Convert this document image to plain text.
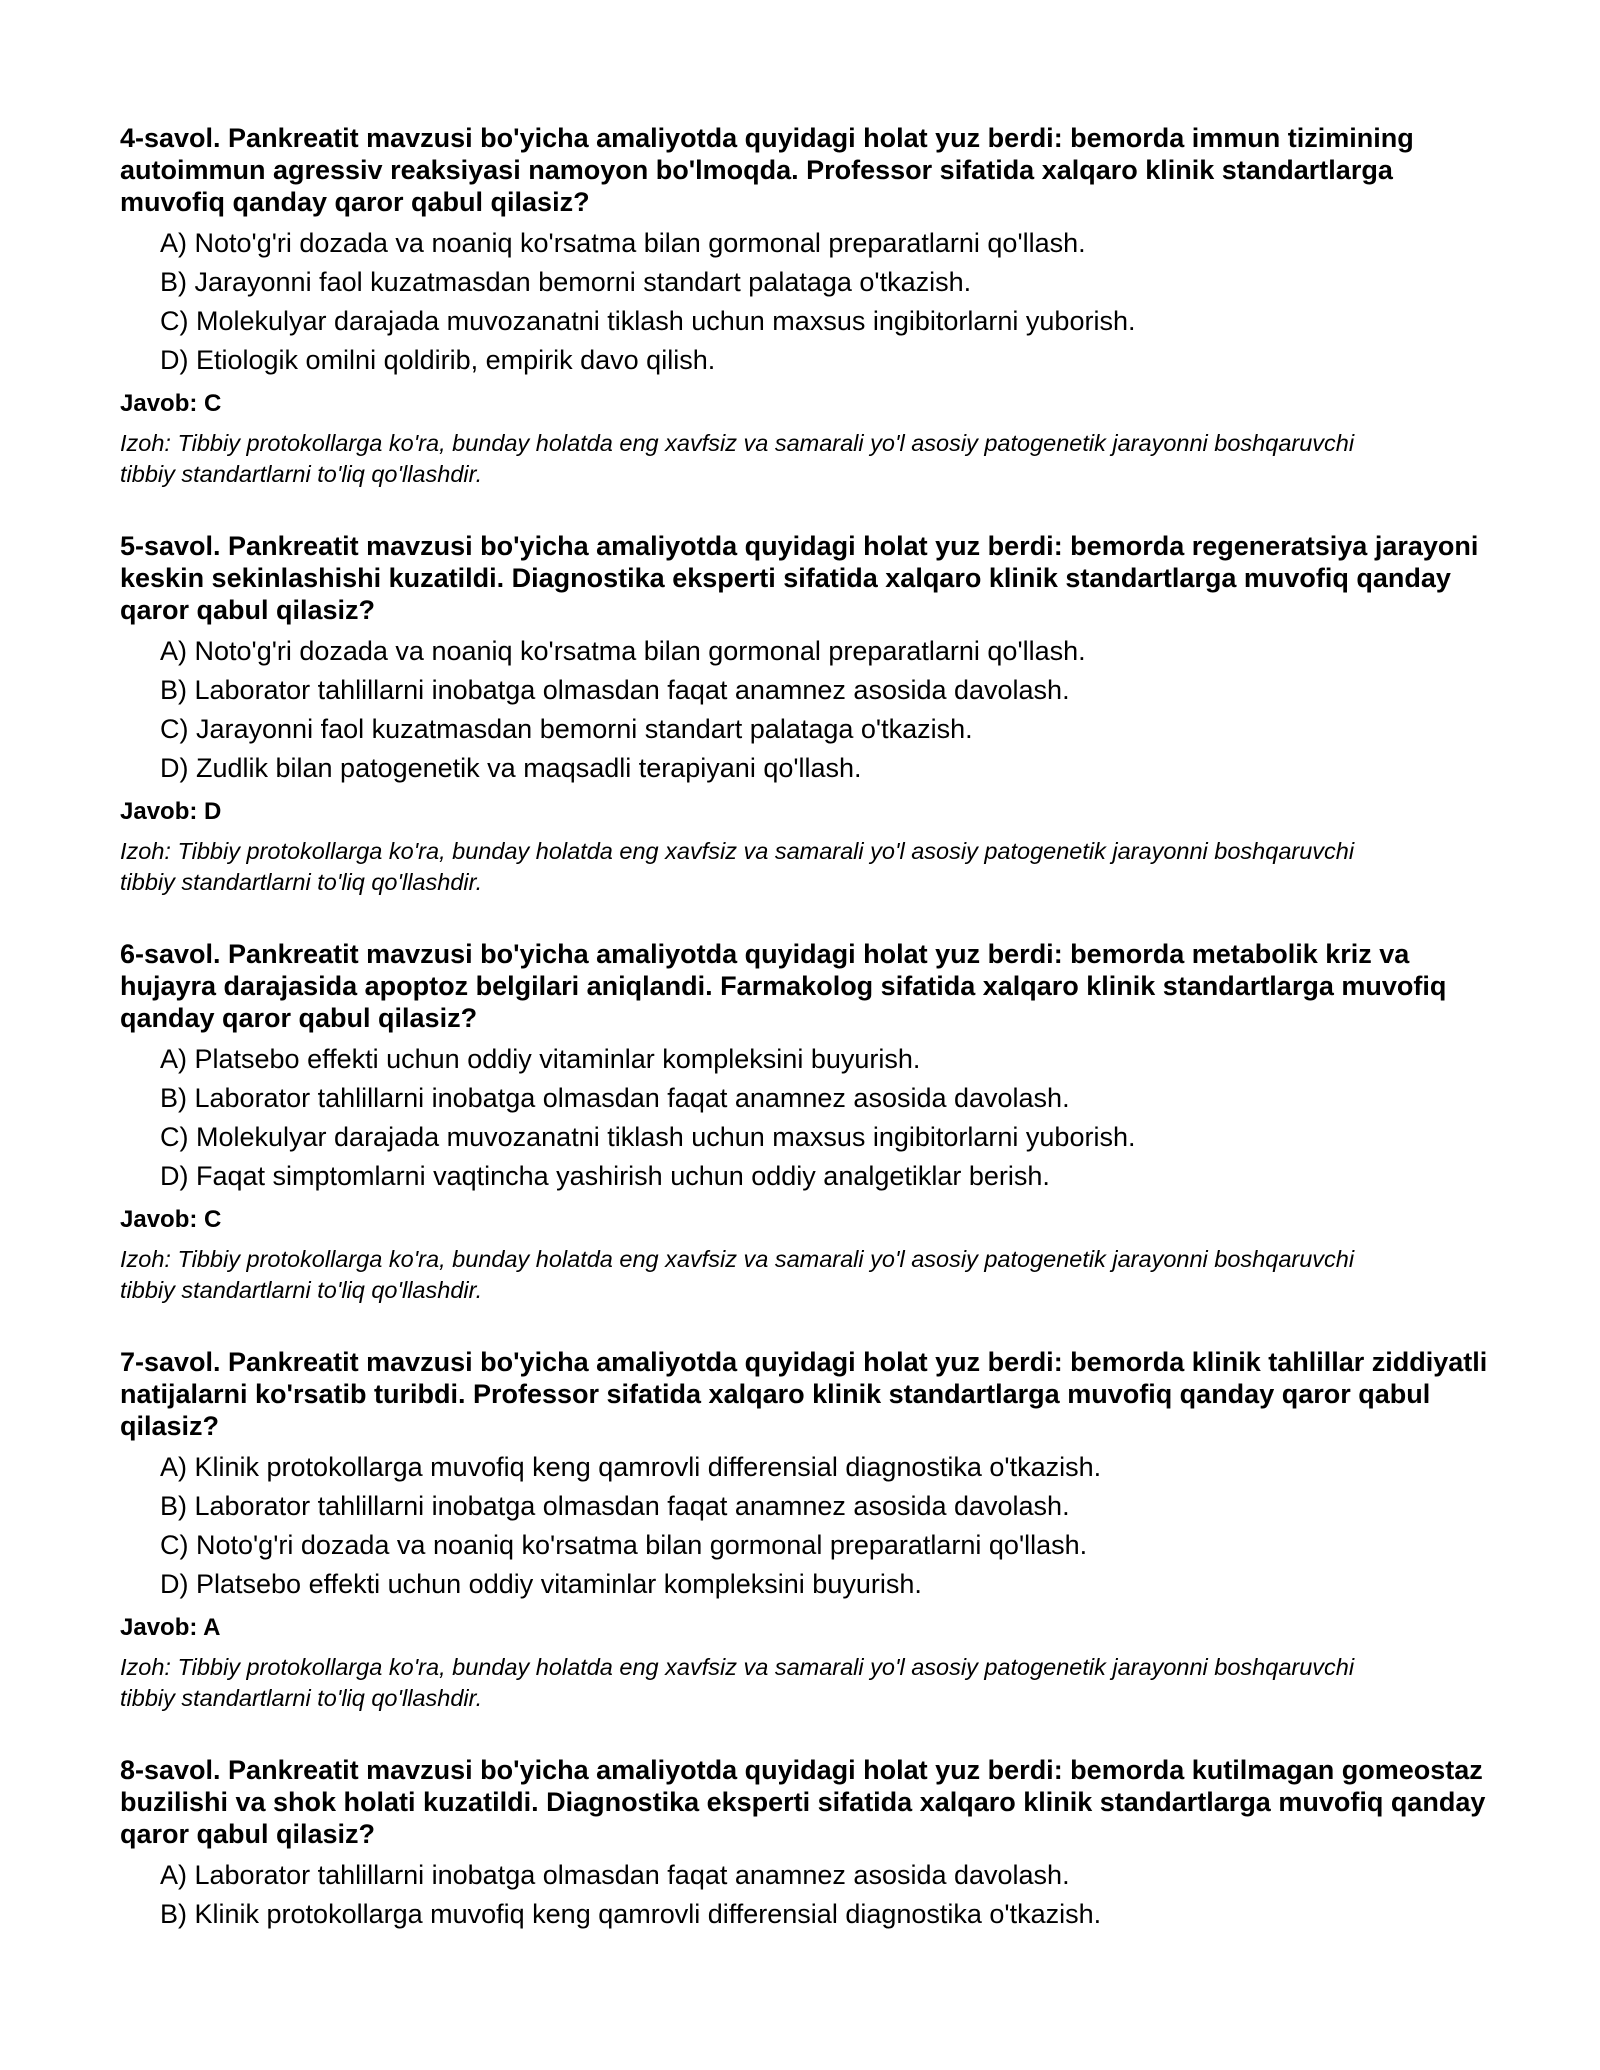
4-savol. Pankreatit mavzusi bo'yicha amaliyotda quyidagi holat yuz berdi: bemorda immun tizimining autoimmun agressiv reaksiyasi namoyon bo'lmoqda. Professor sifatida xalqaro klinik standartlarga muvofiq qanday qaror qabul qilasiz?

A) Noto'g'ri dozada va noaniq ko'rsatma bilan gormonal preparatlarni qo'llash.
B) Jarayonni faol kuzatmasdan bemorni standart palataga o'tkazish.
C) Molekulyar darajada muvozanatni tiklash uchun maxsus ingibitorlarni yuborish.
D) Etiologik omilni qoldirib, empirik davo qilish.

Javob: C

Izoh: Tibbiy protokollarga ko'ra, bunday holatda eng xavfsiz va samarali yo'l asosiy patogenetik jarayonni boshqaruvchi tibbiy standartlarni to'liq qo'llashdir.

5-savol. Pankreatit mavzusi bo'yicha amaliyotda quyidagi holat yuz berdi: bemorda regeneratsiya jarayoni keskin sekinlashishi kuzatildi. Diagnostika eksperti sifatida xalqaro klinik standartlarga muvofiq qanday qaror qabul qilasiz?

A) Noto'g'ri dozada va noaniq ko'rsatma bilan gormonal preparatlarni qo'llash.
B) Laborator tahlillarni inobatga olmasdan faqat anamnez asosida davolash.
C) Jarayonni faol kuzatmasdan bemorni standart palataga o'tkazish.
D) Zudlik bilan patogenetik va maqsadli terapiyani qo'llash.

Javob: D

Izoh: Tibbiy protokollarga ko'ra, bunday holatda eng xavfsiz va samarali yo'l asosiy patogenetik jarayonni boshqaruvchi tibbiy standartlarni to'liq qo'llashdir.

6-savol. Pankreatit mavzusi bo'yicha amaliyotda quyidagi holat yuz berdi: bemorda metabolik kriz va hujayra darajasida apoptoz belgilari aniqlandi. Farmakolog sifatida xalqaro klinik standartlarga muvofiq qanday qaror qabul qilasiz?

A) Platsebo effekti uchun oddiy vitaminlar kompleksini buyurish.
B) Laborator tahlillarni inobatga olmasdan faqat anamnez asosida davolash.
C) Molekulyar darajada muvozanatni tiklash uchun maxsus ingibitorlarni yuborish.
D) Faqat simptomlarni vaqtincha yashirish uchun oddiy analgetiklar berish.

Javob: C

Izoh: Tibbiy protokollarga ko'ra, bunday holatda eng xavfsiz va samarali yo'l asosiy patogenetik jarayonni boshqaruvchi tibbiy standartlarni to'liq qo'llashdir.

7-savol. Pankreatit mavzusi bo'yicha amaliyotda quyidagi holat yuz berdi: bemorda klinik tahlillar ziddiyatli natijalarni ko'rsatib turibdi. Professor sifatida xalqaro klinik standartlarga muvofiq qanday qaror qabul qilasiz?

A) Klinik protokollarga muvofiq keng qamrovli differensial diagnostika o'tkazish.
B) Laborator tahlillarni inobatga olmasdan faqat anamnez asosida davolash.
C) Noto'g'ri dozada va noaniq ko'rsatma bilan gormonal preparatlarni qo'llash.
D) Platsebo effekti uchun oddiy vitaminlar kompleksini buyurish.

Javob: A

Izoh: Tibbiy protokollarga ko'ra, bunday holatda eng xavfsiz va samarali yo'l asosiy patogenetik jarayonni boshqaruvchi tibbiy standartlarni to'liq qo'llashdir.

8-savol. Pankreatit mavzusi bo'yicha amaliyotda quyidagi holat yuz berdi: bemorda kutilmagan gomeostaz buzilishi va shok holati kuzatildi. Diagnostika eksperti sifatida xalqaro klinik standartlarga muvofiq qanday qaror qabul qilasiz?

A) Laborator tahlillarni inobatga olmasdan faqat anamnez asosida davolash.
B) Klinik protokollarga muvofiq keng qamrovli differensial diagnostika o'tkazish.
